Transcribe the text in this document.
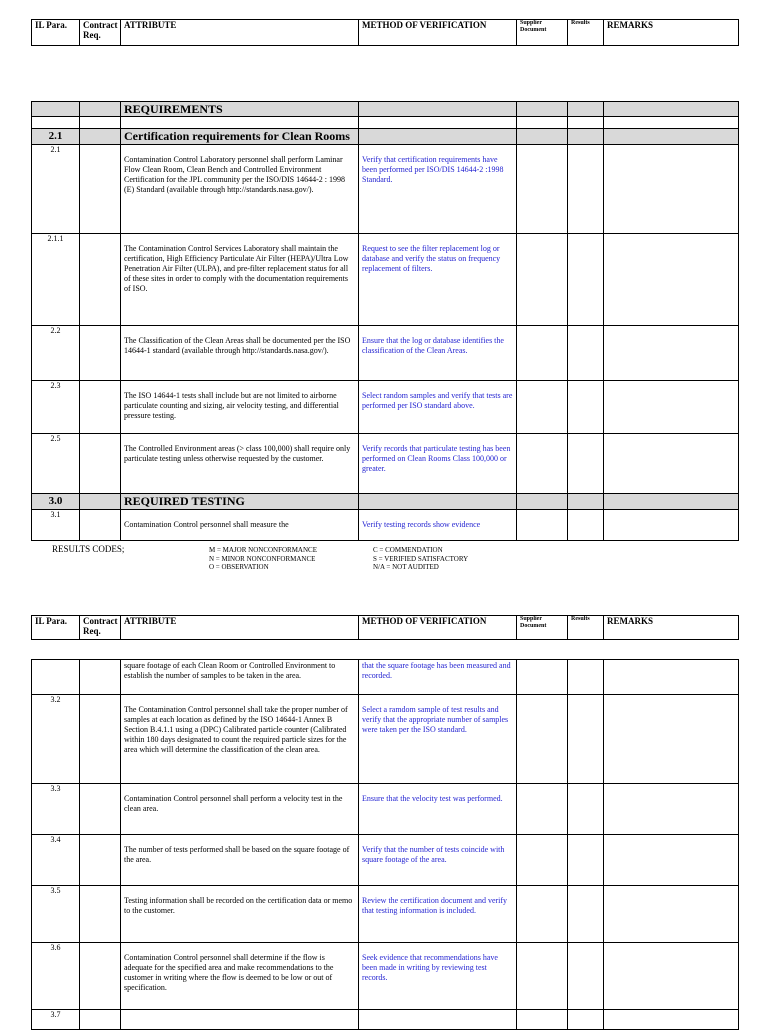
IL Para.	Contract Req.	ATTRIBUTE	METHOD OF VERIFICATION	Supplier Document	Results	REMARKS
		REQUIREMENTS				

2.1		Certification requirements for Clean Rooms				
2.1		Contamination Control Laboratory personnel shall perform Laminar Flow Clean Room, Clean Bench and Controlled Environment Certification for the JPL community per the ISO/DIS 14644-2 : 1998 (E) Standard (available through http://standards.nasa.gov/).	Verify that certification requirements have been performed per ISO/DIS 14644-2 :1998 Standard.			
2.1.1		The Contamination Control Services Laboratory shall maintain the certification, High Efficiency Particulate Air Filter (HEPA)/Ultra Low Penetration Air Filter (ULPA), and pre-filter replacement status for all of these sites in order to comply with the documentation requirements of ISO.	Request to see the filter replacement log or database and verify the status on frequency replacement of filters.			
2.2		The Classification of the Clean Areas shall be documented per the ISO 14644-1 standard (available through http://standards.nasa.gov/).	Ensure that the log or database identifies the classification of the Clean Areas.			
2.3		The ISO 14644-1 tests shall include but are not limited to airborne particulate counting and sizing, air velocity testing, and differential pressure testing.	Select random samples and verify that tests are performed per ISO standard above.			
2.5		The Controlled Environment areas (> class 100,000) shall require only particulate testing unless otherwise requested by the customer.	Verify records that particulate testing has been performed on Clean Rooms Class 100,000 or greater.			
3.0		REQUIRED TESTING				
3.1		Contamination Control personnel shall measure the	Verify testing records show evidence			
RESULTS CODES;	M = MAJOR NONCONFORMANCE
N = MINOR NONCONFORMANCE
O = OBSERVATION
C = COMMENDATION
S = VERIFIED SATISFACTORY
N/A = NOT AUDITED
IL Para.	Contract Req.	ATTRIBUTE	METHOD OF VERIFICATION	Supplier Document	Results	REMARKS
		square footage of each Clean Room or Controlled Environment to establish the number of samples to be taken in the area.	that the square footage has been measured and recorded.			
3.2		The Contamination Control personnel shall take the proper number of samples at each location as defined by the ISO 14644-1 Annex B Section B.4.1.1 using a (DPC) Calibrated particle counter (Calibrated within 180 days designated to count the required particle sizes for the area which will determine the classification of the clean area.	Select a ramdom sample of test results and verify that the appropriate number of samples were taken per the ISO standard.			
3.3		Contamination Control personnel shall perform a velocity test in the clean area.	Ensure that the velocity test was performed.			
3.4		The number of tests performed shall be based on the square footage of the area.	Verify that the number of tests coincide with square footage of the area.			
3.5		Testing information shall be recorded on the certification data or memo to the customer.	Review the certification document and verify that testing information is included.			
3.6		Contamination Control personnel shall determine if the flow is adequate for the specified area and make recommendations to the customer in writing where the flow is deemed to be low or out of specification.	Seek evidence that recommendations have been made in writing by reviewing test records.			
3.7						
